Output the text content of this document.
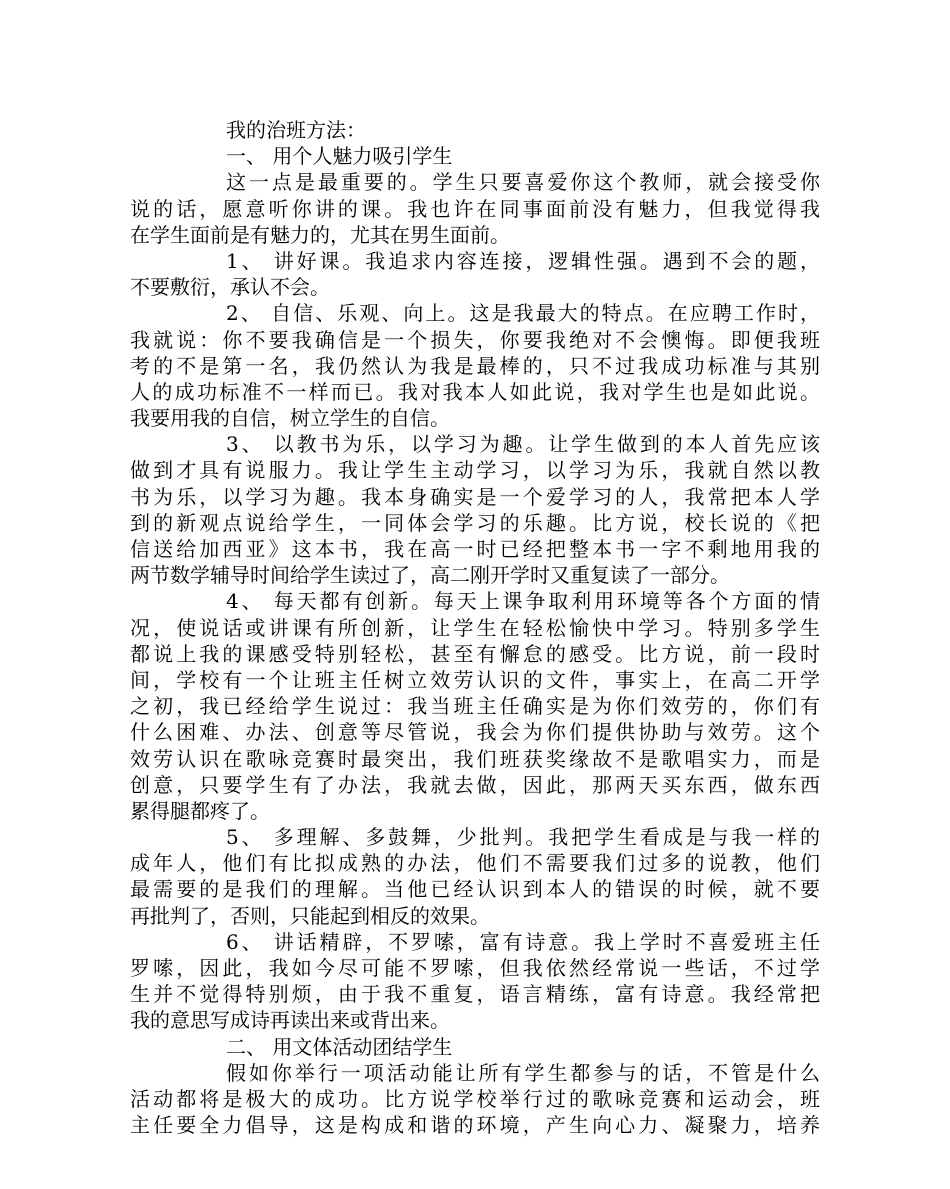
我的治班方法：
一、 用个人魅力吸引学生
这一点是最重要的。学生只要喜爱你这个教师，就会接受你
说的话，愿意听你讲的课。我也许在同事面前没有魅力，但我觉得我
在学生面前是有魅力的，尤其在男生面前。
1、 讲好课。我追求内容连接，逻辑性强。遇到不会的题，
不要敷衍，承认不会。
2、 自信、乐观、向上。这是我最大的特点。在应聘工作时，
我就说：你不要我确信是一个损失，你要我绝对不会懊悔。即便我班
考的不是第一名，我仍然认为我是最棒的，只不过我成功标准与其别
人的成功标准不一样而已。我对我本人如此说，我对学生也是如此说。
我要用我的自信，树立学生的自信。
3、 以教书为乐，以学习为趣。让学生做到的本人首先应该
做到才具有说服力。我让学生主动学习，以学习为乐，我就自然以教
书为乐，以学习为趣。我本身确实是一个爱学习的人，我常把本人学
到的新观点说给学生，一同体会学习的乐趣。比方说，校长说的《把
信送给加西亚》这本书，我在高一时已经把整本书一字不剩地用我的
两节数学辅导时间给学生读过了，高二刚开学时又重复读了一部分。
4、 每天都有创新。每天上课争取利用环境等各个方面的情
况，使说话或讲课有所创新，让学生在轻松愉快中学习。特别多学生
都说上我的课感受特别轻松，甚至有懈怠的感受。比方说，前一段时
间，学校有一个让班主任树立效劳认识的文件，事实上，在高二开学
之初，我已经给学生说过：我当班主任确实是为你们效劳的，你们有
什么困难、办法、创意等尽管说，我会为你们提供协助与效劳。这个
效劳认识在歌咏竞赛时最突出，我们班获奖缘故不是歌唱实力，而是
创意，只要学生有了办法，我就去做，因此，那两天买东西，做东西
累得腿都疼了。
5、 多理解、多鼓舞，少批判。我把学生看成是与我一样的
成年人，他们有比拟成熟的办法，他们不需要我们过多的说教，他们
最需要的是我们的理解。当他已经认识到本人的错误的时候，就不要
再批判了，否则，只能起到相反的效果。
6、 讲话精辟，不罗嗦，富有诗意。我上学时不喜爱班主任
罗嗦，因此，我如今尽可能不罗嗦，但我依然经常说一些话，不过学
生并不觉得特别烦，由于我不重复，语言精练，富有诗意。我经常把
我的意思写成诗再读出来或背出来。
二、 用文体活动团结学生
假如你举行一项活动能让所有学生都参与的话，不管是什么
活动都将是极大的成功。比方说学校举行过的歌咏竞赛和运动会，班
主任要全力倡导，这是构成和谐的环境，产生向心力、凝聚力，培养
